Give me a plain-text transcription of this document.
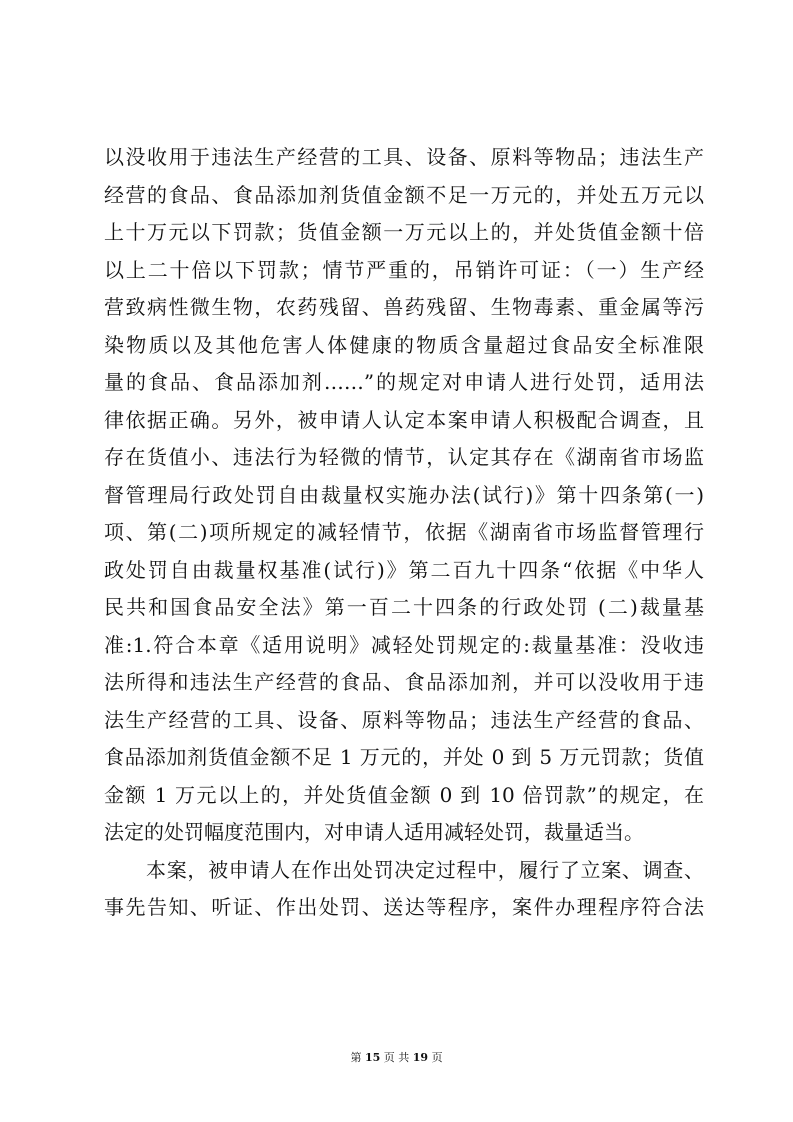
以没收用于违法生产经营的工具、设备、原料等物品；违法生产
经营的食品、食品添加剂货值金额不足一万元的，并处五万元以
上十万元以下罚款；货值金额一万元以上的，并处货值金额十倍
以上二十倍以下罚款；情节严重的，吊销许可证：（一）生产经
营致病性微生物，农药残留、兽药残留、生物毒素、重金属等污
染物质以及其他危害人体健康的物质含量超过食品安全标准限
量的食品、食品添加剂……”的规定对申请人进行处罚，适用法
律依据正确。另外，被申请人认定本案申请人积极配合调查，且
存在货值小、违法行为轻微的情节，认定其存在《湖南省市场监
督管理局行政处罚自由裁量权实施办法(试行)》第十四条第(一)
项、第(二)项所规定的减轻情节，依据《湖南省市场监督管理行
政处罚自由裁量权基准(试行)》第二百九十四条“依据《中华人
民共和国食品安全法》第一百二十四条的行政处罚 (二)裁量基
准:1.符合本章《适用说明》减轻处罚规定的:裁量基准：没收违
法所得和违法生产经营的食品、食品添加剂，并可以没收用于违
法生产经营的工具、设备、原料等物品；违法生产经营的食品、
食品添加剂货值金额不足 1 万元的，并处 0 到 5 万元罚款；货值
金额 1 万元以上的，并处货值金额 0 到 10 倍罚款”的规定，在
法定的处罚幅度范围内，对申请人适用减轻处罚，裁量适当。
本案，被申请人在作出处罚决定过程中，履行了立案、调查、
事先告知、听证、作出处罚、送达等程序，案件办理程序符合法
第 15 页 共 19 页
